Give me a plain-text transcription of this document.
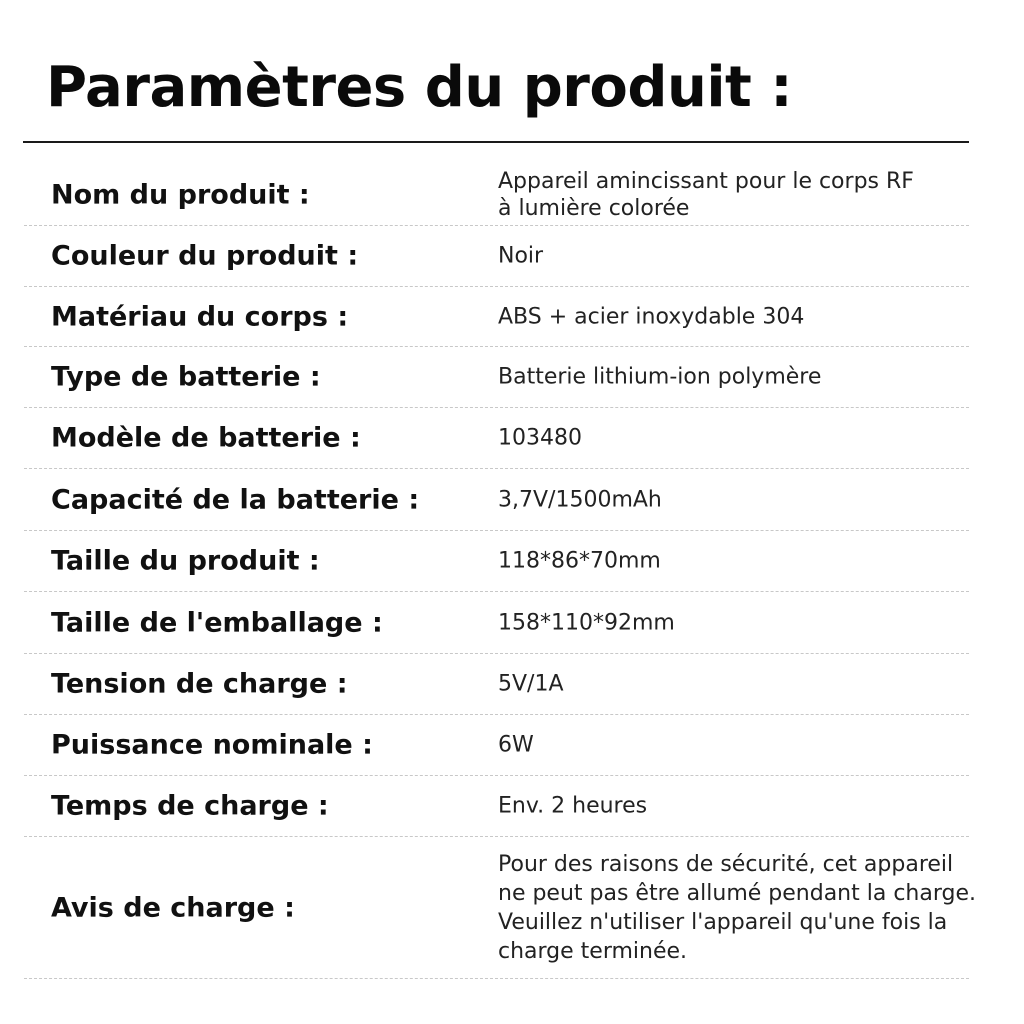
Paramètres du produit :
Nom du produit :	Appareil amincissant pour le corps RF
à lumière colorée
Couleur du produit :	Noir
Matériau du corps :	ABS + acier inoxydable 304
Type de batterie :	Batterie lithium-ion polymère
Modèle de batterie :	103480
Capacité de la batterie :	3,7V/1500mAh
Taille du produit :	118*86*70mm
Taille de l'emballage :	158*110*92mm
Tension de charge :	5V/1A
Puissance nominale :	6W
Temps de charge :	Env. 2 heures
Avis de charge :
Pour des raisons de sécurité, cet appareil
ne peut pas être allumé pendant la charge.
Veuillez n'utiliser l'appareil qu'une fois la
charge terminée.
